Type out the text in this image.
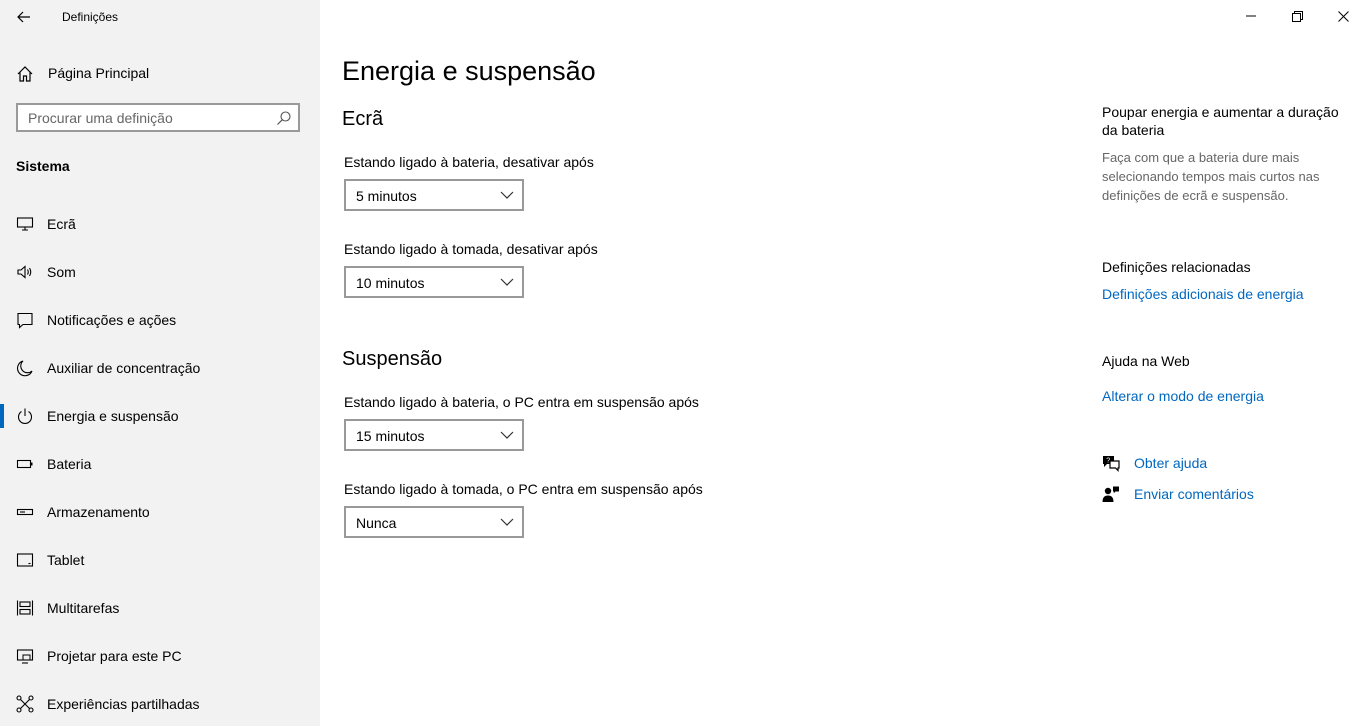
Definições
Página Principal
Procurar uma definição
Sistema
Ecrã
Som
Notificações e ações
Auxiliar de concentração
Energia e suspensão
Bateria
Armazenamento
Tablet
Multitarefas
Projetar para este PC
Experiências partilhadas
Energia e suspensão
Ecrã
Estando ligado à bateria, desativar após
5 minutos
Estando ligado à tomada, desativar após
10 minutos
Suspensão
Estando ligado à bateria, o PC entra em suspensão após
15 minutos
Estando ligado à tomada, o PC entra em suspensão após
Nunca
Poupar energia e aumentar a duração da bateria
Faça com que a bateria dure mais selecionando tempos mais curtos nas definições de ecrã e suspensão.
Definições relacionadas
Definições adicionais de energia
Ajuda na Web
Alterar o modo de energia
? Obter ajuda
Enviar comentários
